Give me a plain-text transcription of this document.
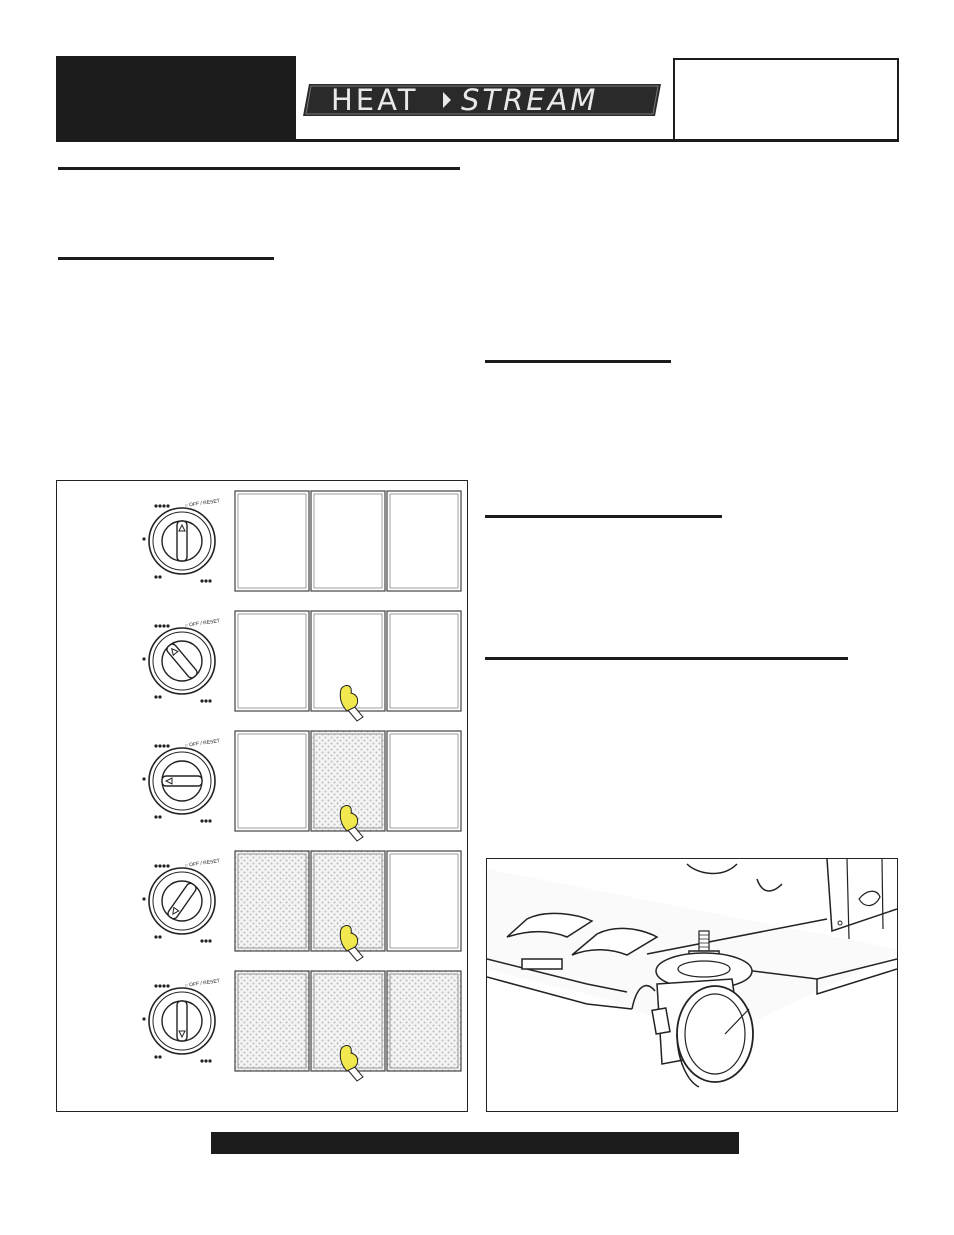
HEAT STREAM
○ OFF / RESET
○ OFF / RESET
○ OFF / RESET
○ OFF / RESET
○ OFF / RESET
